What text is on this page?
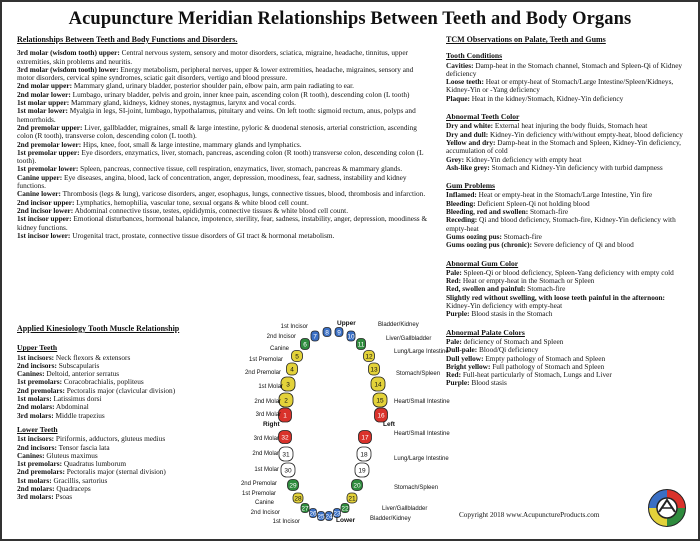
Acupuncture Meridian Relationships Between Teeth and Body Organs
Relationships Between Teeth and Body Functions and Disorders.

3rd molar (wisdom tooth) upper: Central nervous system, sensory and motor disorders, sciatica, migraine, headache, tinnitus, upper extremities, skin problems and neuritis.

3rd molar (wisdom tooth) lower: Energy metabolism, peripheral nerves, upper & lower extremities, headache, migraines, sensory and motor disorders, cervical spine syndromes, sciatic gait disorders, vertigo and blood pressure.

2nd molar upper: Mammary gland, urinary bladder, posterior shoulder pain, elbow pain, arm pain radiating to ear.

2nd molar lower: Lumbago, urinary bladder, pelvis and groin, inner knee pain, ascending colon (R tooth), descending colon (L tooth)

1st molar upper: Mammary gland, kidneys, kidney stones, nystagmus, larynx and vocal cords.

1st molar lower: Myalgia in legs, SI-joint, lumbago, hypothalamus, pituitary and veins. On left tooth: sigmoid rectum, anus, polyps and hemorrhoids.

2nd premolar upper: Liver, gallbladder, migraines, small & large intestine, pyloric & duodenal stenosis, arterial constriction, ascending colon (R tooth), transverse colon, descending colon (L tooth).

2nd premolar lower: Hips, knee, foot, small & large intestine, mammary glands and lymphatics.

1st premolar upper: Eye disorders, enzymatics, liver, stomach, pancreas, ascending colon (R tooth) transverse colon, descending colon (L tooth).

1st premolar lower: Spleen, pancreas, connective tissue, cell respiration, enzymatics, liver, stomach, pancreas & mammary glands.

Canine upper: Eye diseases, angina, blood, lack of concentration, anger, depression, moodiness, fear, sadness, instability and kidney functions.

Canine lower: Thrombosis (legs & lung), varicose disorders, anger, esophagus, lungs, connective tissues, blood, thrombosis and infarction.

2nd incisor upper: Lymphatics, hemophilia, vascular tone, sexual organs & white blood cell count.

2nd incisor lower: Abdominal connective tissue, testes, epididymis, connective tissues & white blood cell count.

1st incisor upper: Emotional disturbances, hormonal balance, impotence, sterility, fear, sadness, instability, anger, depression, moodiness & kidney functions.

1st incisor lower: Urogenital tract, prostate, connective tissue disorders of GI tract & hormonal metabolism.

Applied Kinesiology Tooth Muscle Relationship
Upper Teeth

1st incisors: Neck flexors & extensors

2nd incisors: Subscapularis

Canines: Deltoid, anterior serratus

1st premolars: Coracobrachialis, popliteus

2nd premolars: Pectoralis major (clavicular division)

1st molars: Latissimus dorsi

2nd molars: Abdominal

3rd molars: Middle trapezius

Lower Teeth

1st incisors: Piriformis, adductors, gluteus medius

2nd incisors: Tensor fascia lata

Canines: Gluteus maximus

1st premolars: Quadratus lumborum

2nd premolars: Pectoralis major (sternal division)

1st molars: Gracillis, sartorius

2nd molars: Quadraceps

3rd molars: Psoas

TCM Observations on Palate, Teeth and Gums
Tooth Conditions

Cavities: Damp-heat in the Stomach channel, Stomach and Spleen-Qi of Kidney deficiency

Loose teeth: Heat or empty-heat of Stomach/Large Intestine/Spleen/Kidneys, Kidney-Yin or -Yang deficiency

Plaque: Heat in the kidney/Stomach, Kidney-Yin deficiency

Abnormal Teeth Color

Dry and white: External heat injuring the body fluids, Stomach heat

Dry and dull: Kidney-Yin deficiency with/without empty-heat, blood deficiency

Yellow and dry: Damp-heat in the Stomach and Spleen, Kidney-Yin deficiency, accumulation of cold

Grey: Kidney-Yin deficiency with empty heat

Ash-like grey: Stomach and Kidney-Yin deficiency with turbid dampness

Gum Problems

Inflamed: Heat or empty-heat in the Stomach/Large Intestine, Yin fire

Bleeding: Deficient Spleen-Qi not holding blood

Bleeding, red and swollen: Stomach-fire

Receding: Qi and blood deficiency, Stomach-fire, Kidney-Yin deficiency with empty-heat

Gums oozing pus: Stomach-fire

Gums oozing pus (chronic): Severe deficiency of Qi and blood

Abnormal Gum Color

Pale: Spleen-Qi or blood deficiency, Spleen-Yang deficiency with empty cold

Red: Heat or empty-heat in the Stomach or Spleen

Red, swollen and painful: Stomach-fire

Slightly red without swelling, with loose teeth painful in the afternoon: Kidney-Yin deficiency with empty-heat

Purple: Blood stasis in the Stomach

Abnormal Palate Colors

Pale: deficiency of Stomach and Spleen

Dull-pale: Blood/Qi deficiency

Dull yellow: Empty pathology of Stomach and Spleen

Bright yellow: Full pathology of Stomach and Spleen

Red: Full-heat particularly of Stomach, Lungs and Liver

Purple: Blood stasis

Copyright 2018 www.AcupunctureProducts.com
1
2
3
4
5
6
7
8 9
10
11
12
13
14
15
16
17
18
19
20
21
22
23
24
25
26
27
28
29
30
31
32
Upper
Lower
Right	Left
1st Incisor
2nd Incisor
Canine
1st Premolar
2nd Premolar
1st Molar
2nd Molar
3rd Molar
3rd Molar
2nd Molar
1st Molar
2nd Premolar
1st Premolar
Canine
2nd Incisor
1st Incisor
Bladder/Kidney
Liver/Gallbladder
Lung/Large Intestine
Stomach/Spleen
Heart/Small Intestine
Heart/Small Intestine
Lung/Large Intestine
Stomach/Spleen
Liver/Gallbladder
Bladder/Kidney
